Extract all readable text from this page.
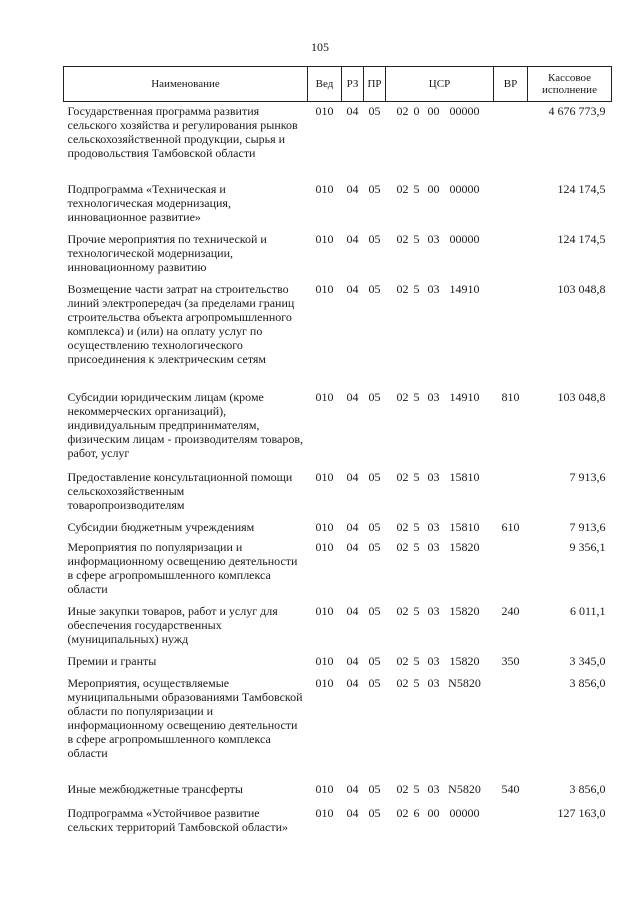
105
Наименование	Вед	РЗ	ПР	ЦСР	ВР	Кассовое исполнение
Государственная программа развития сельского хозяйства и регулирования рынков сельскохозяйственной продукции, сырья и продовольствия Тамбовской области	010	04	05	02 0 00 00000		4 676 773,9
Подпрограмма «Техническая и технологическая модернизация, инновационное развитие»	010	04	05	02 5 00 00000		124 174,5
Прочие мероприятия по технической и технологической модернизации, инновационному развитию	010	04	05	02 5 03 00000		124 174,5
Возмещение части затрат на строительство линий электропередач (за пределами границ строительства объекта агропромышленного комплекса) и (или) на оплату услуг по осуществлению технологического присоединения к электрическим сетям	010	04	05	02 5 03 14910		103 048,8
Субсидии юридическим лицам (кроме некоммерческих организаций), индивидуальным предпринимателям, физическим лицам - производителям товаров, работ, услуг	010	04	05	02 5 03 14910	810	103 048,8
Предоставление консультационной помощи сельскохозяйственным товаропроизводителям	010	04	05	02 5 03 15810		7 913,6
Субсидии бюджетным учреждениям	010	04	05	02 5 03 15810	610	7 913,6
Мероприятия по популяризации и информационному освещению деятельности в сфере агропромышленного комплекса области	010	04	05	02 5 03 15820		9 356,1
Иные закупки товаров, работ и услуг для обеспечения государственных (муниципальных) нужд	010	04	05	02 5 03 15820	240	6 011,1
Премии и гранты	010	04	05	02 5 03 15820	350	3 345,0
Мероприятия, осуществляемые муниципальными образованиями Тамбовской области по популяризации и информационному освещению деятельности в сфере агропромышленного комплекса области	010	04	05	02 5 03 N5820		3 856,0
Иные межбюджетные трансферты	010	04	05	02 5 03 N5820	540	3 856,0
Подпрограмма «Устойчивое развитие сельских территорий Тамбовской области»	010	04	05	02 6 00 00000		127 163,0
